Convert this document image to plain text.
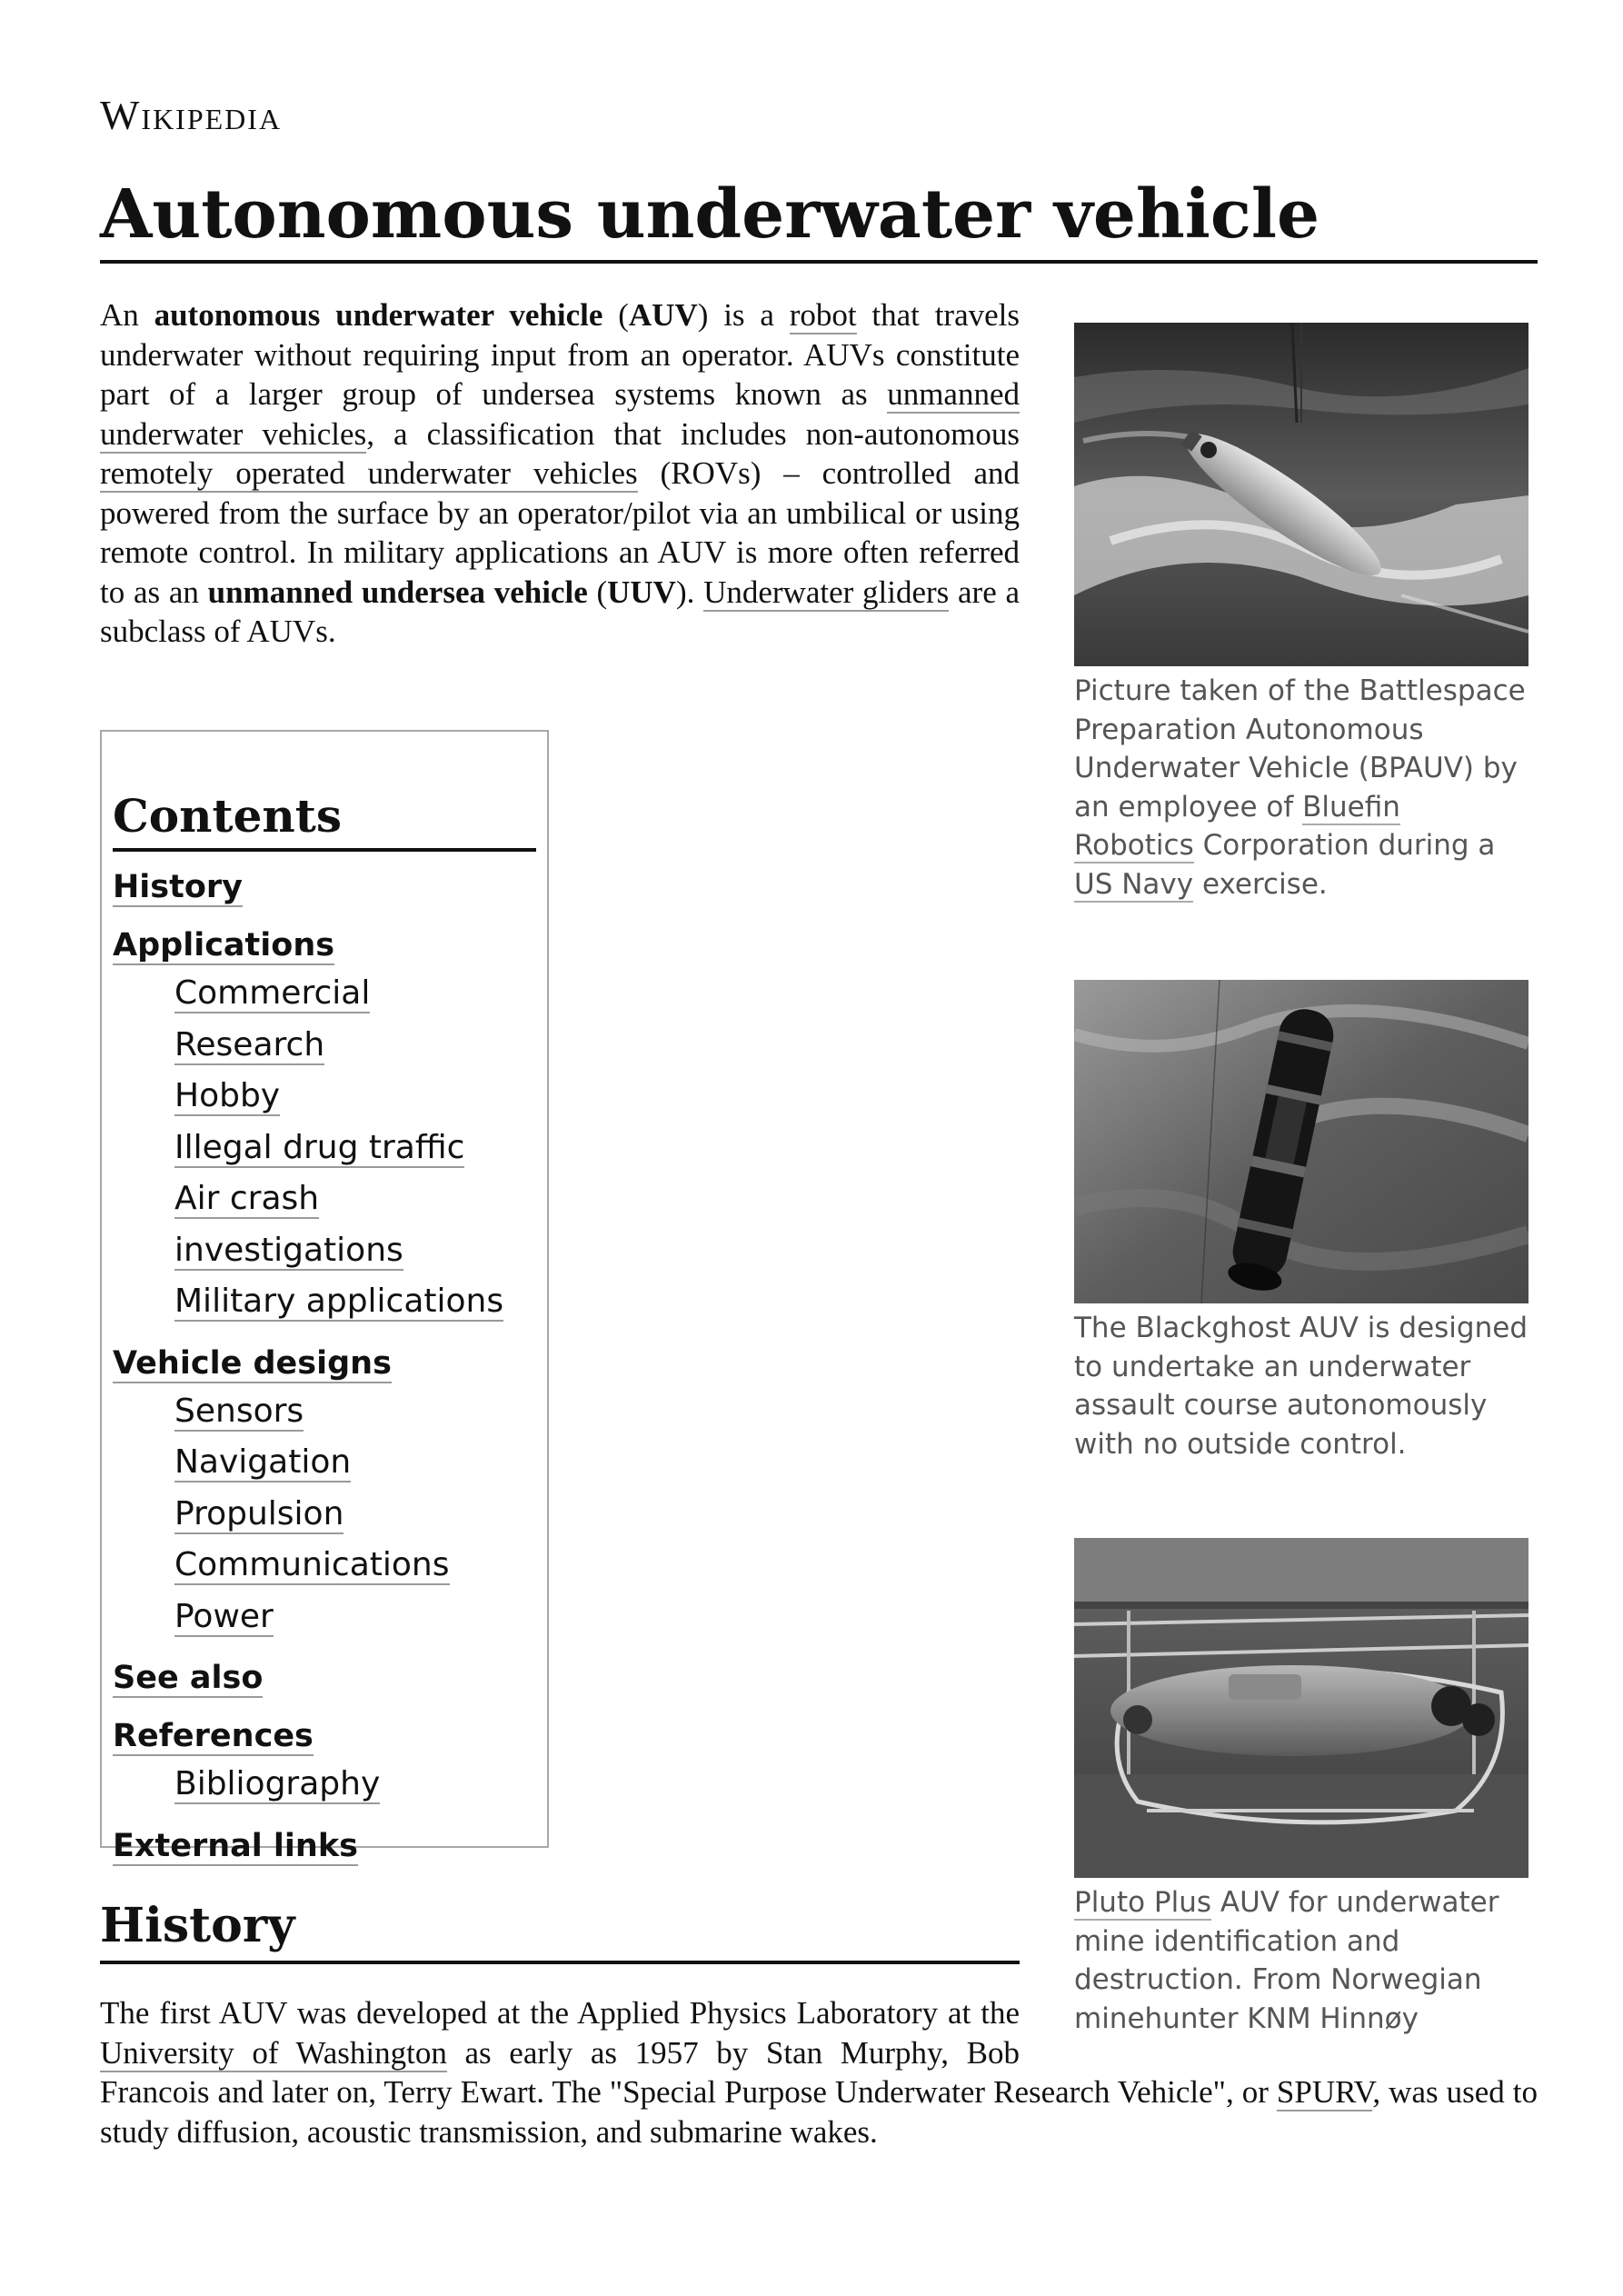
Wikipedia
Autonomous underwater vehicle

An autonomous underwater vehicle (AUV) is a robot that travels underwater without requiring input from an operator. AUVs constitute part of a larger group of undersea systems known as unmanned underwater vehicles, a classification that includes non-autonomous remotely operated underwater vehicles (ROVs) – controlled and powered from the surface by an operator/pilot via an umbilical or using remote control. In military applications an AUV is more often referred to as an unmanned undersea vehicle (UUV). Underwater gliders are a subclass of AUVs.

Contents
History
Applications
Commercial
Research
Hobby
Illegal drug traffic
Air crash investigations
Military applications
Vehicle designs
Sensors
Navigation
Propulsion
Communications
Power
See also
References
Bibliography
External links
History

The first AUV was developed at the Applied Physics Laboratory at the University of Washington as early as 1957 by Stan Murphy, Bob Francois and later on, Terry Ewart. The "Special Purpose Underwater Research Vehicle", or SPURV, was used to study diffusion, acoustic transmission, and submarine wakes.

Picture taken of the Battlespace Preparation Autonomous Underwater Vehicle (BPAUV) by an employee of Bluefin Robotics Corporation during a US Navy exercise.
The Blackghost AUV is designed to undertake an underwater assault course autonomously with no outside control.
Pluto Plus AUV for underwater mine identification and destruction. From Norwegian minehunter KNM Hinnøy
